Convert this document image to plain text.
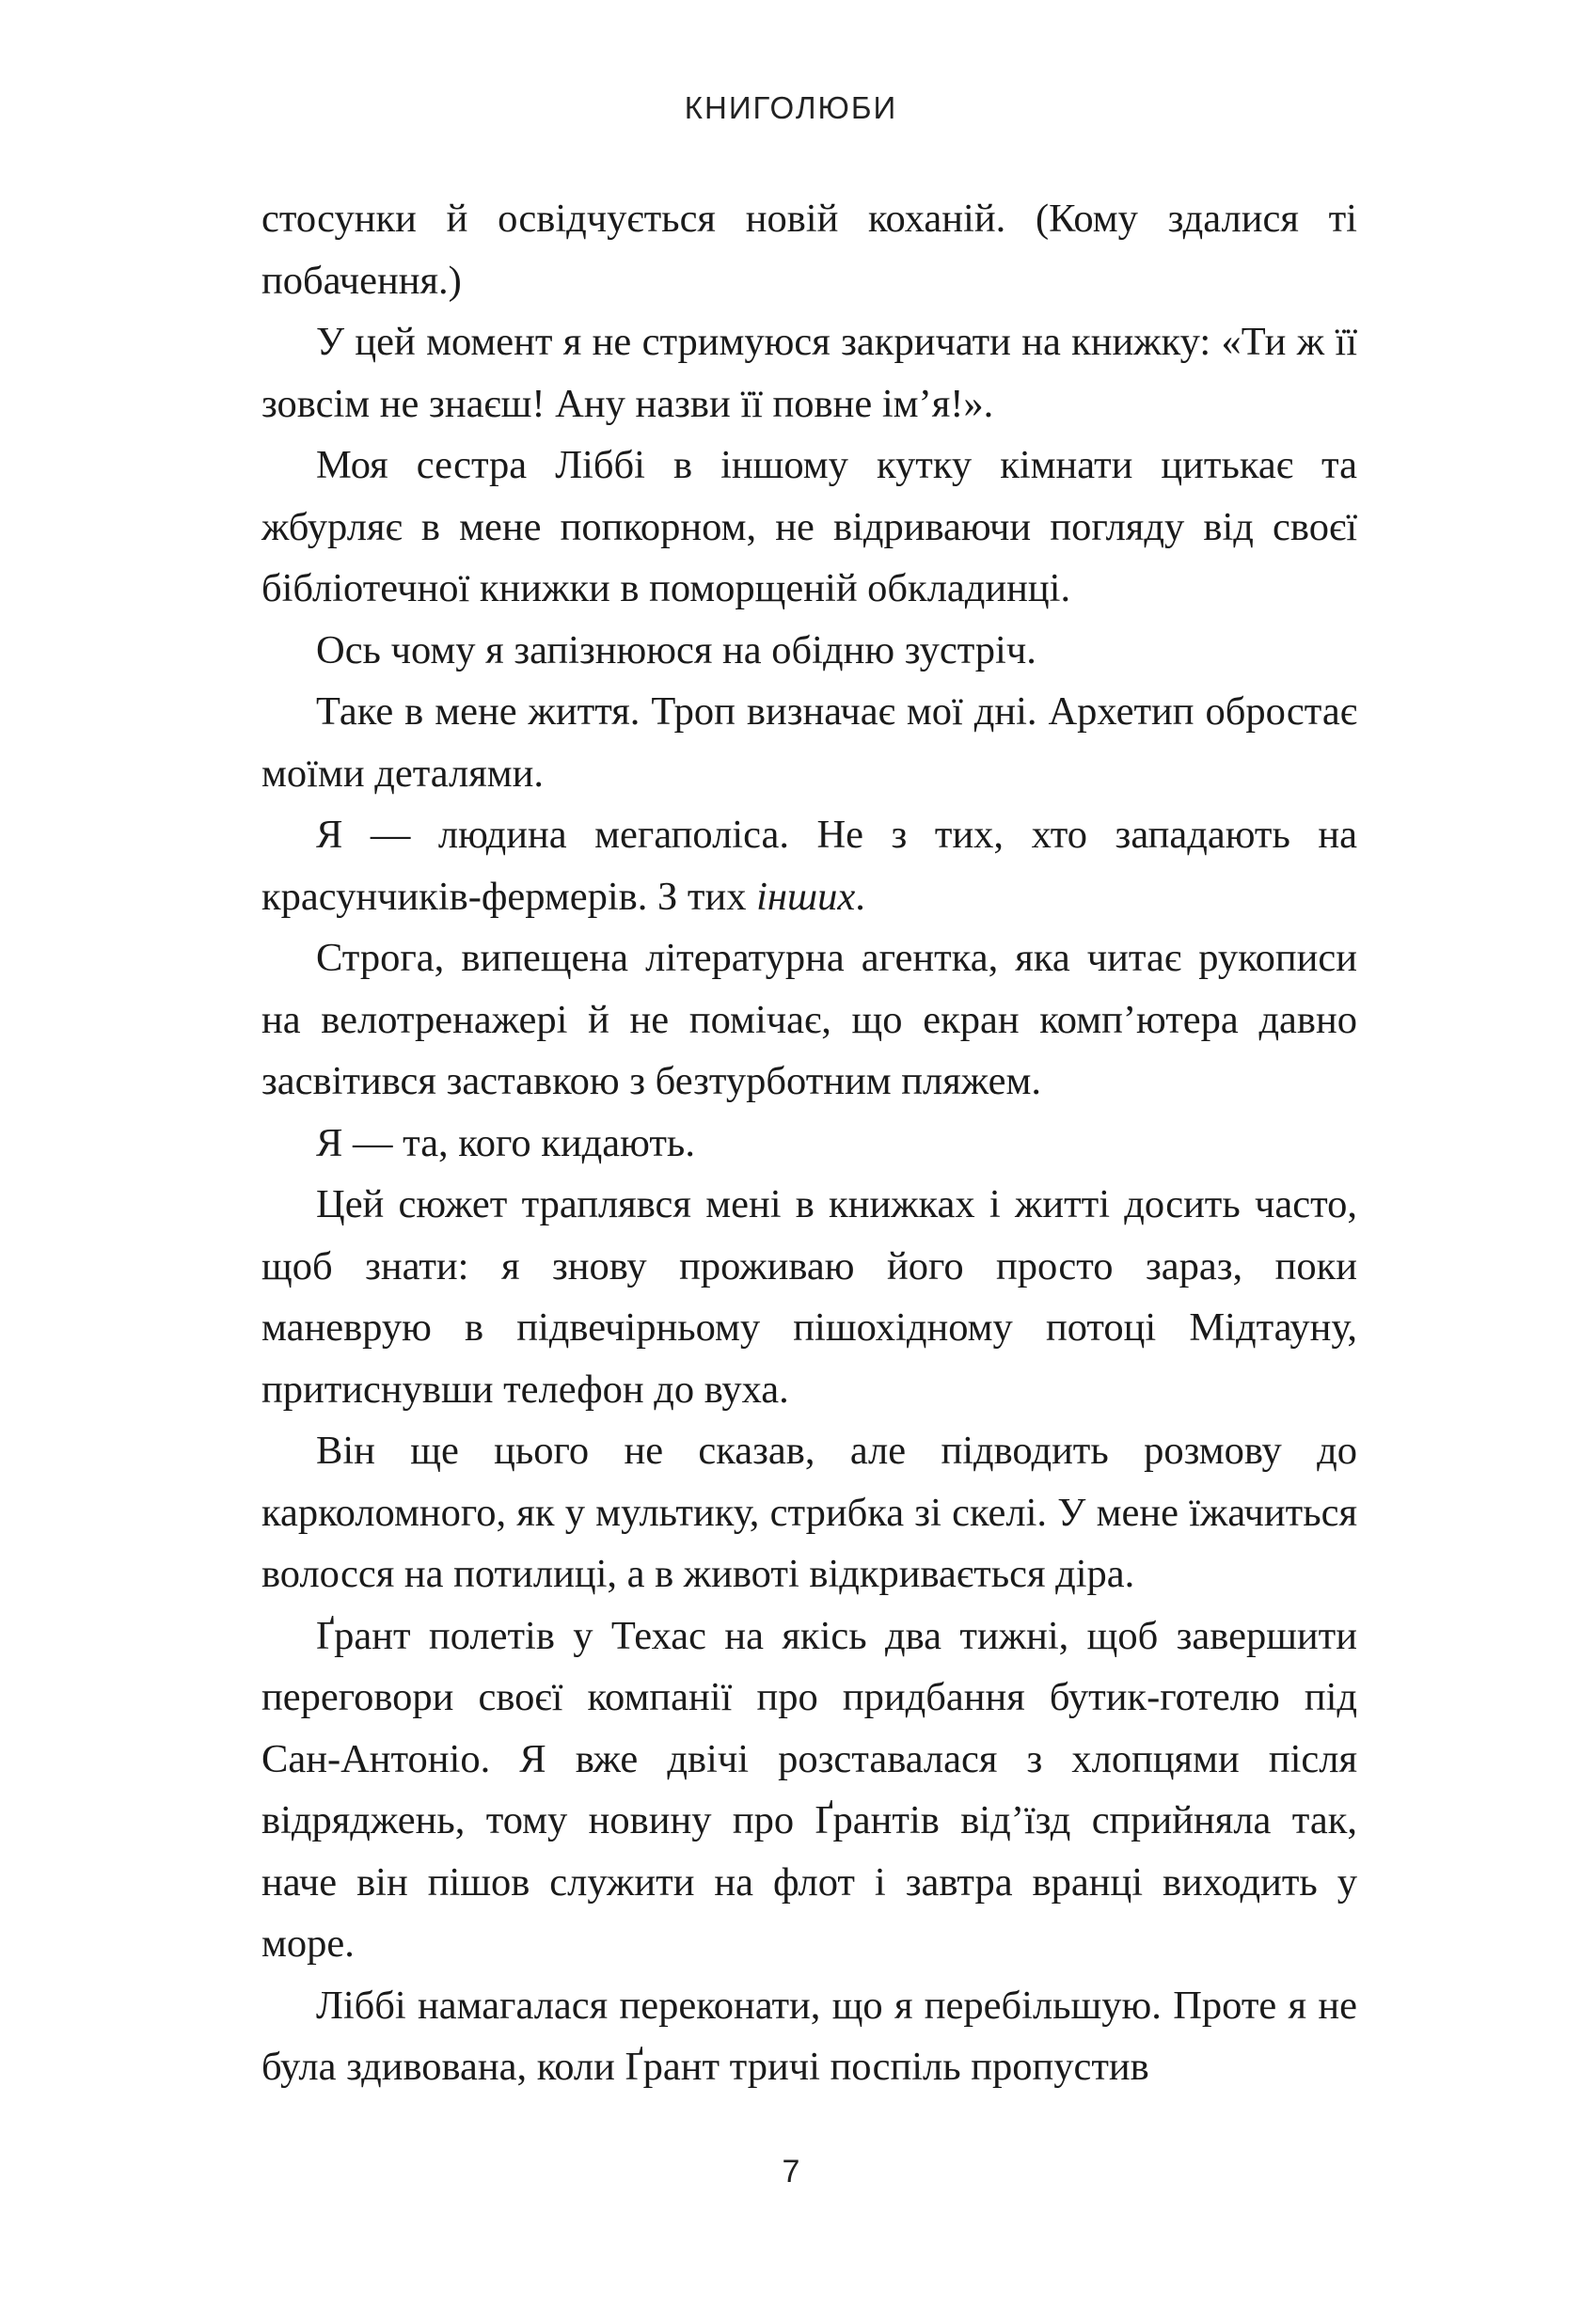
КНИГОЛЮБИ

стосунки й освідчується новій коханій. (Кому здалися ті побачення.)

У цей момент я не стримуюся закричати на книжку: «Ти ж її зовсім не знаєш! Ану назви її повне ім’я!».

Моя сестра Ліббі в іншому кутку кімнати цитькає та жбурляє в мене попкорном, не відриваючи погляду від своєї бібліотечної книжки в поморщеній обкладинці.

Ось чому я запізнююся на обідню зустріч.

Таке в мене життя. Троп визначає мої дні. Архетип обростає моїми деталями.

Я — людина мегаполіса. Не з тих, хто западають на красунчиків-фермерів. З тих інших.

Строга, випещена літературна агентка, яка читає рукописи на велотренажері й не помічає, що екран комп’ютера давно засвітився заставкою з безтурботним пляжем.

Я — та, кого кидають.

Цей сюжет траплявся мені в книжках і житті досить часто, щоб знати: я знову проживаю його просто зараз, поки маневрую в підвечірньому пішохідному потоці Мідтауну, притиснувши телефон до вуха.

Він ще цього не сказав, але підводить розмову до карколомного, як у мультику, стрибка зі скелі. У мене їжачиться волосся на потилиці, а в животі відкривається діра.

Ґрант полетів у Техас на якісь два тижні, щоб завершити переговори своєї компанії про придбання бутик-готелю під Сан-Антоніо. Я вже двічі розставалася з хлопцями після відряджень, тому новину про Ґрантів від’їзд сприйняла так, наче він пішов служити на флот і завтра вранці виходить у море.

Ліббі намагалася переконати, що я перебільшую. Проте я не була здивована, коли Ґрант тричі поспіль пропустив

7
